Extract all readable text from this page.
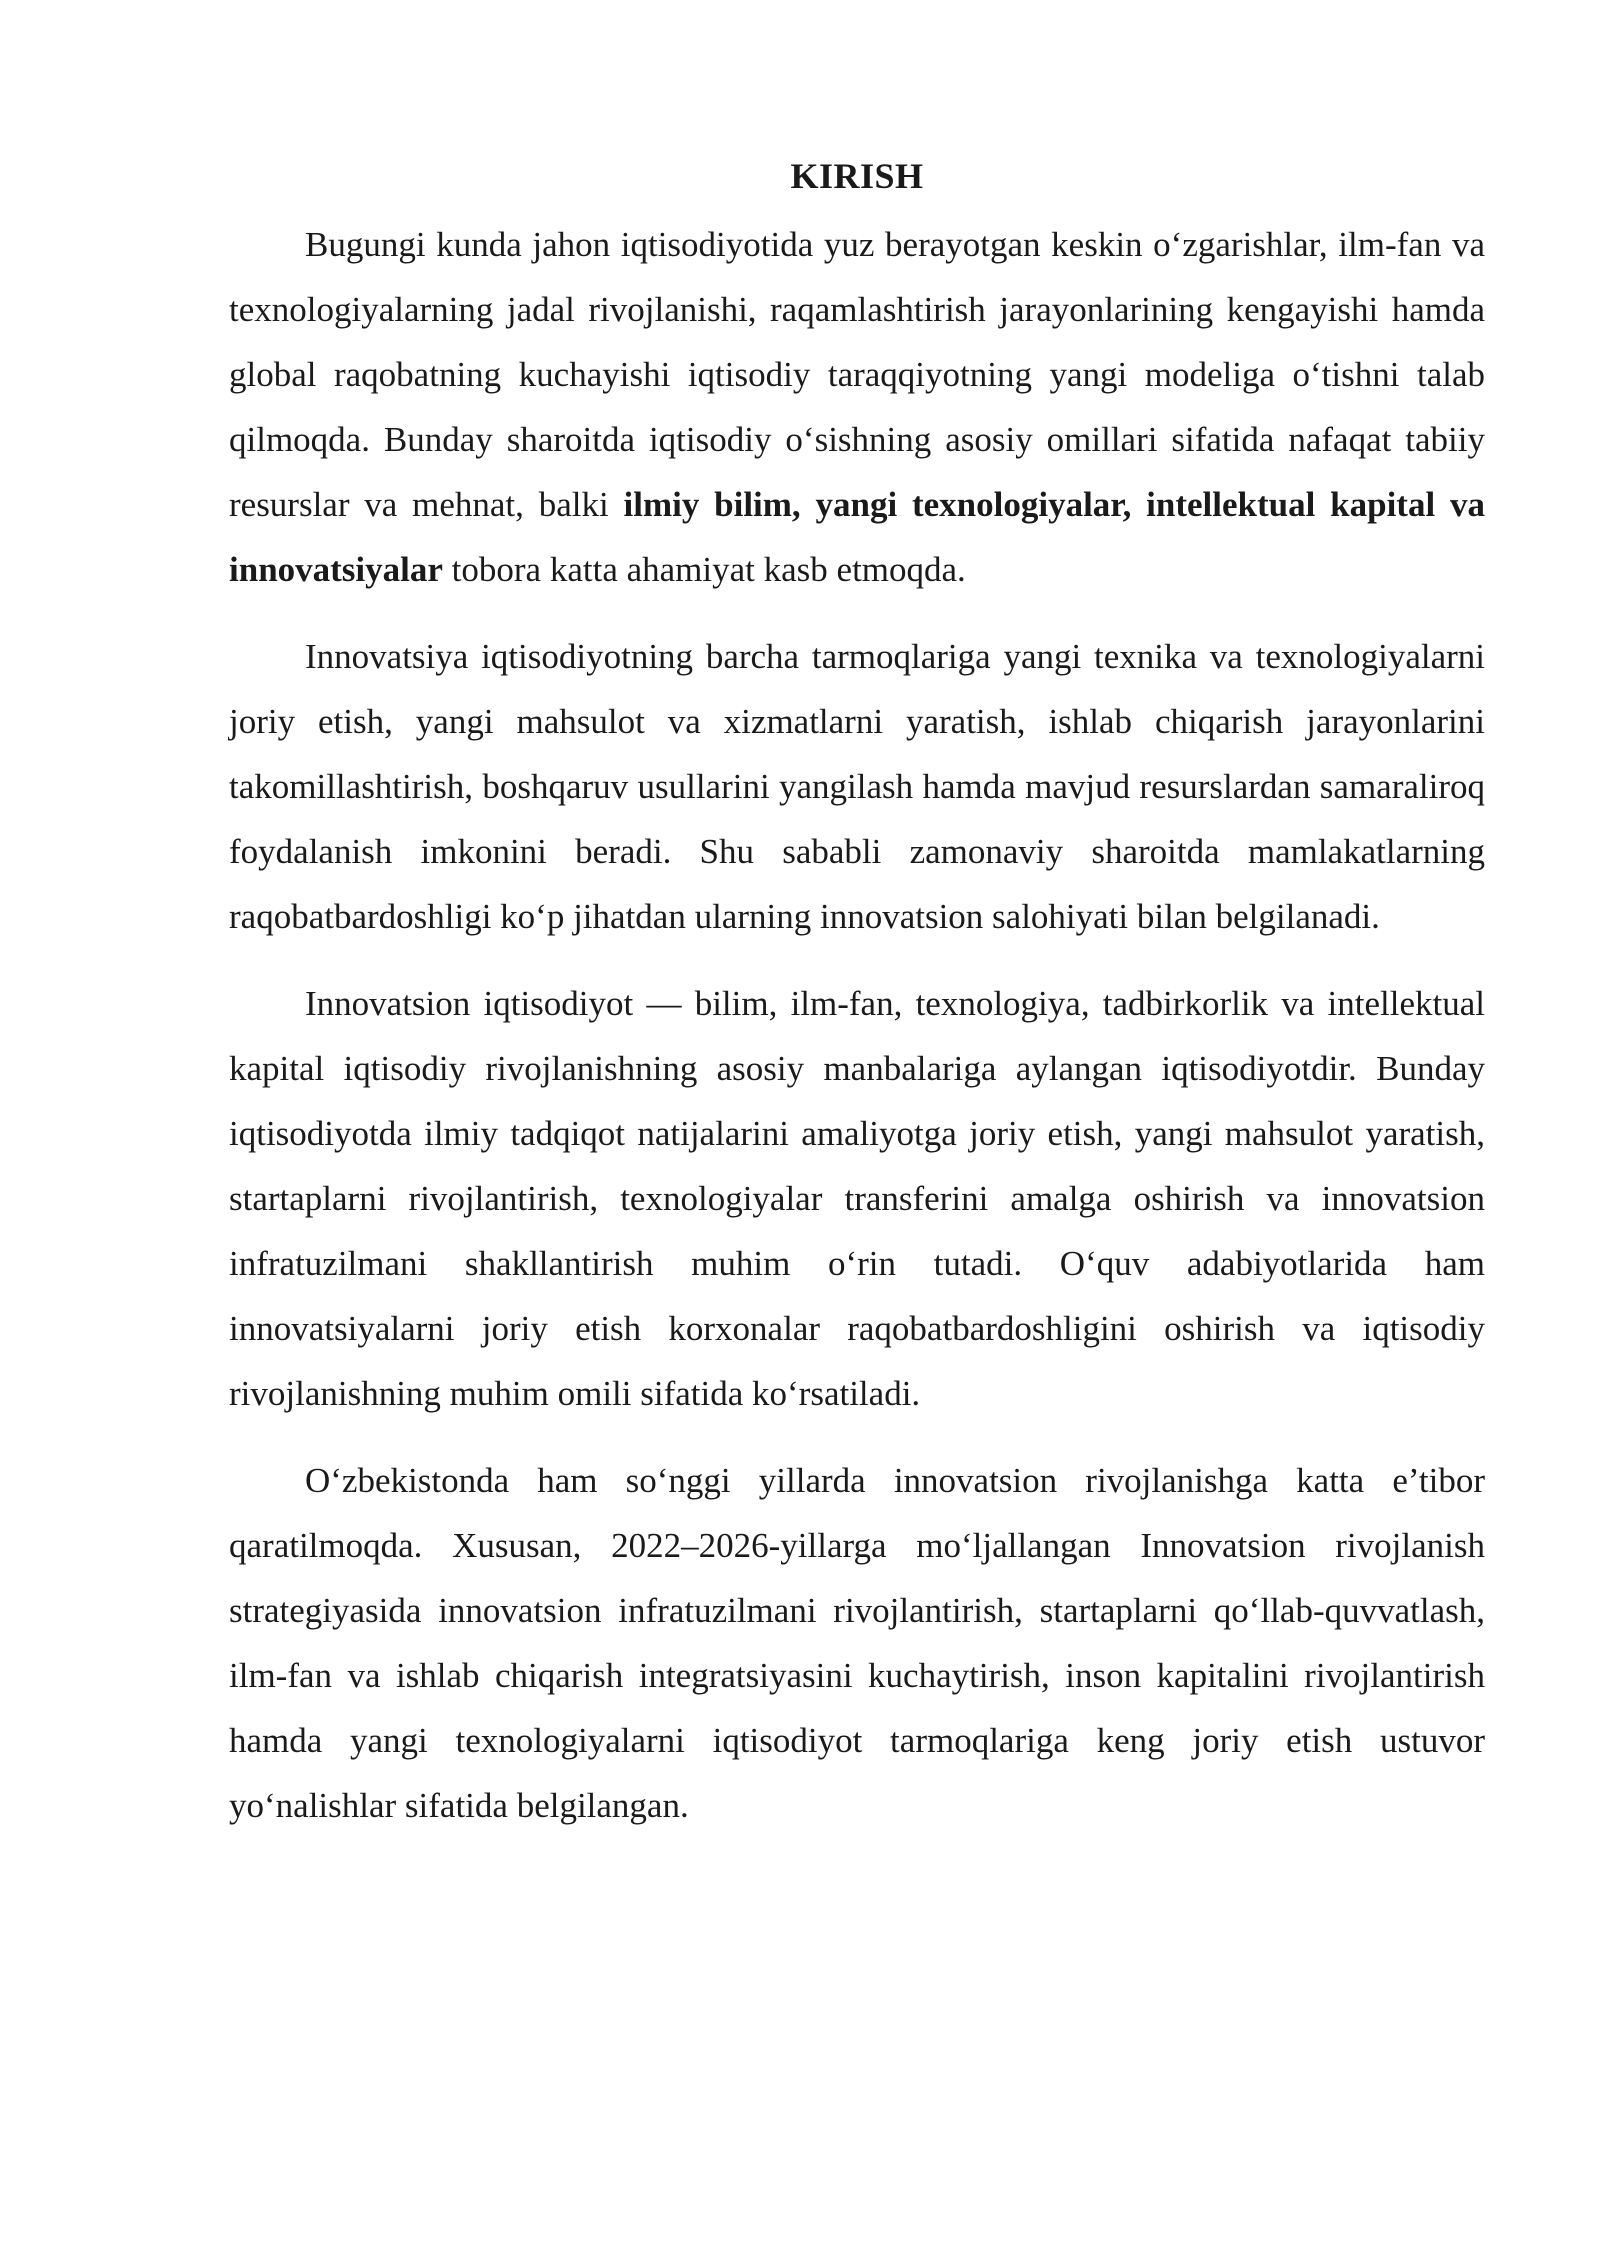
KIRISH

Bugungi kunda jahon iqtisodiyotida yuz berayotgan keskin o‘zgarishlar, ilm-fan va texnologiyalarning jadal rivojlanishi, raqamlashtirish jarayonlarining kengayishi hamda global raqobatning kuchayishi iqtisodiy taraqqiyotning yangi modeliga o‘tishni talab qilmoqda. Bunday sharoitda iqtisodiy o‘sishning asosiy omillari sifatida nafaqat tabiiy resurslar va mehnat, balki ilmiy bilim, yangi texnologiyalar, intellektual kapital va innovatsiyalar tobora katta ahamiyat kasb etmoqda.

Innovatsiya iqtisodiyotning barcha tarmoqlariga yangi texnika va texnologiyalarni joriy etish, yangi mahsulot va xizmatlarni yaratish, ishlab chiqarish jarayonlarini takomillashtirish, boshqaruv usullarini yangilash hamda mavjud resurslardan samaraliroq foydalanish imkonini beradi. Shu sababli zamonaviy sharoitda mamlakatlarning raqobatbardoshligi ko‘p jihatdan ularning innovatsion salohiyati bilan belgilanadi.

Innovatsion iqtisodiyot — bilim, ilm-fan, texnologiya, tadbirkorlik va intellektual kapital iqtisodiy rivojlanishning asosiy manbalariga aylangan iqtisodiyotdir. Bunday iqtisodiyotda ilmiy tadqiqot natijalarini amaliyotga joriy etish, yangi mahsulot yaratish, startaplarni rivojlantirish, texnologiyalar transferini amalga oshirish va innovatsion infratuzilmani shakllantirish muhim o‘rin tutadi. O‘quv adabiyotlarida ham innovatsiyalarni joriy etish korxonalar raqobatbardoshligini oshirish va iqtisodiy rivojlanishning muhim omili sifatida ko‘rsatiladi.

O‘zbekistonda ham so‘nggi yillarda innovatsion rivojlanishga katta e’tibor qaratilmoqda. Xususan, 2022–2026-yillarga mo‘ljallangan Innovatsion rivojlanish strategiyasida innovatsion infratuzilmani rivojlantirish, startaplarni qo‘llab-quvvatlash, ilm-fan va ishlab chiqarish integratsiyasini kuchaytirish, inson kapitalini rivojlantirish hamda yangi texnologiyalarni iqtisodiyot tarmoqlariga keng joriy etish ustuvor yo‘nalishlar sifatida belgilangan.
